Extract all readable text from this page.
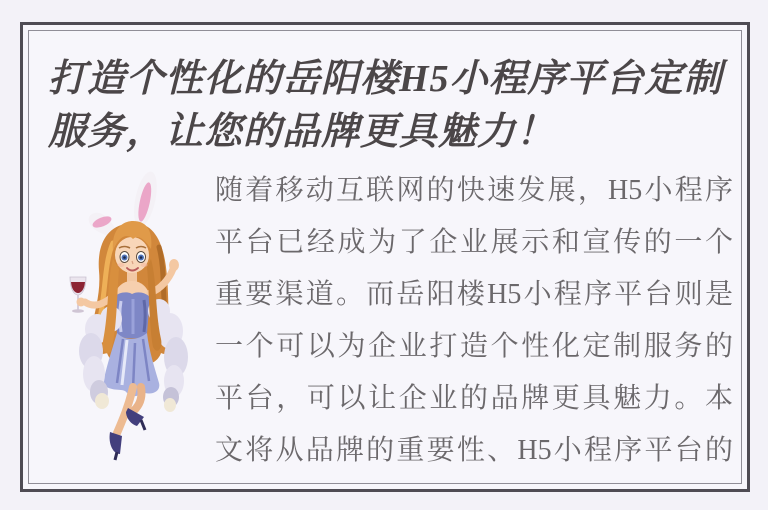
打造个性化的岳阳楼H5小程序平台定制
服务，让您的品牌更具魅力！
随着移动互联网的快速发展，H5小程序
平台已经成为了企业展示和宣传的一个
重要渠道。而岳阳楼H5小程序平台则是
一个可以为企业打造个性化定制服务的
平台，可以让企业的品牌更具魅力。本
文将从品牌的重要性、H5小程序平台的
